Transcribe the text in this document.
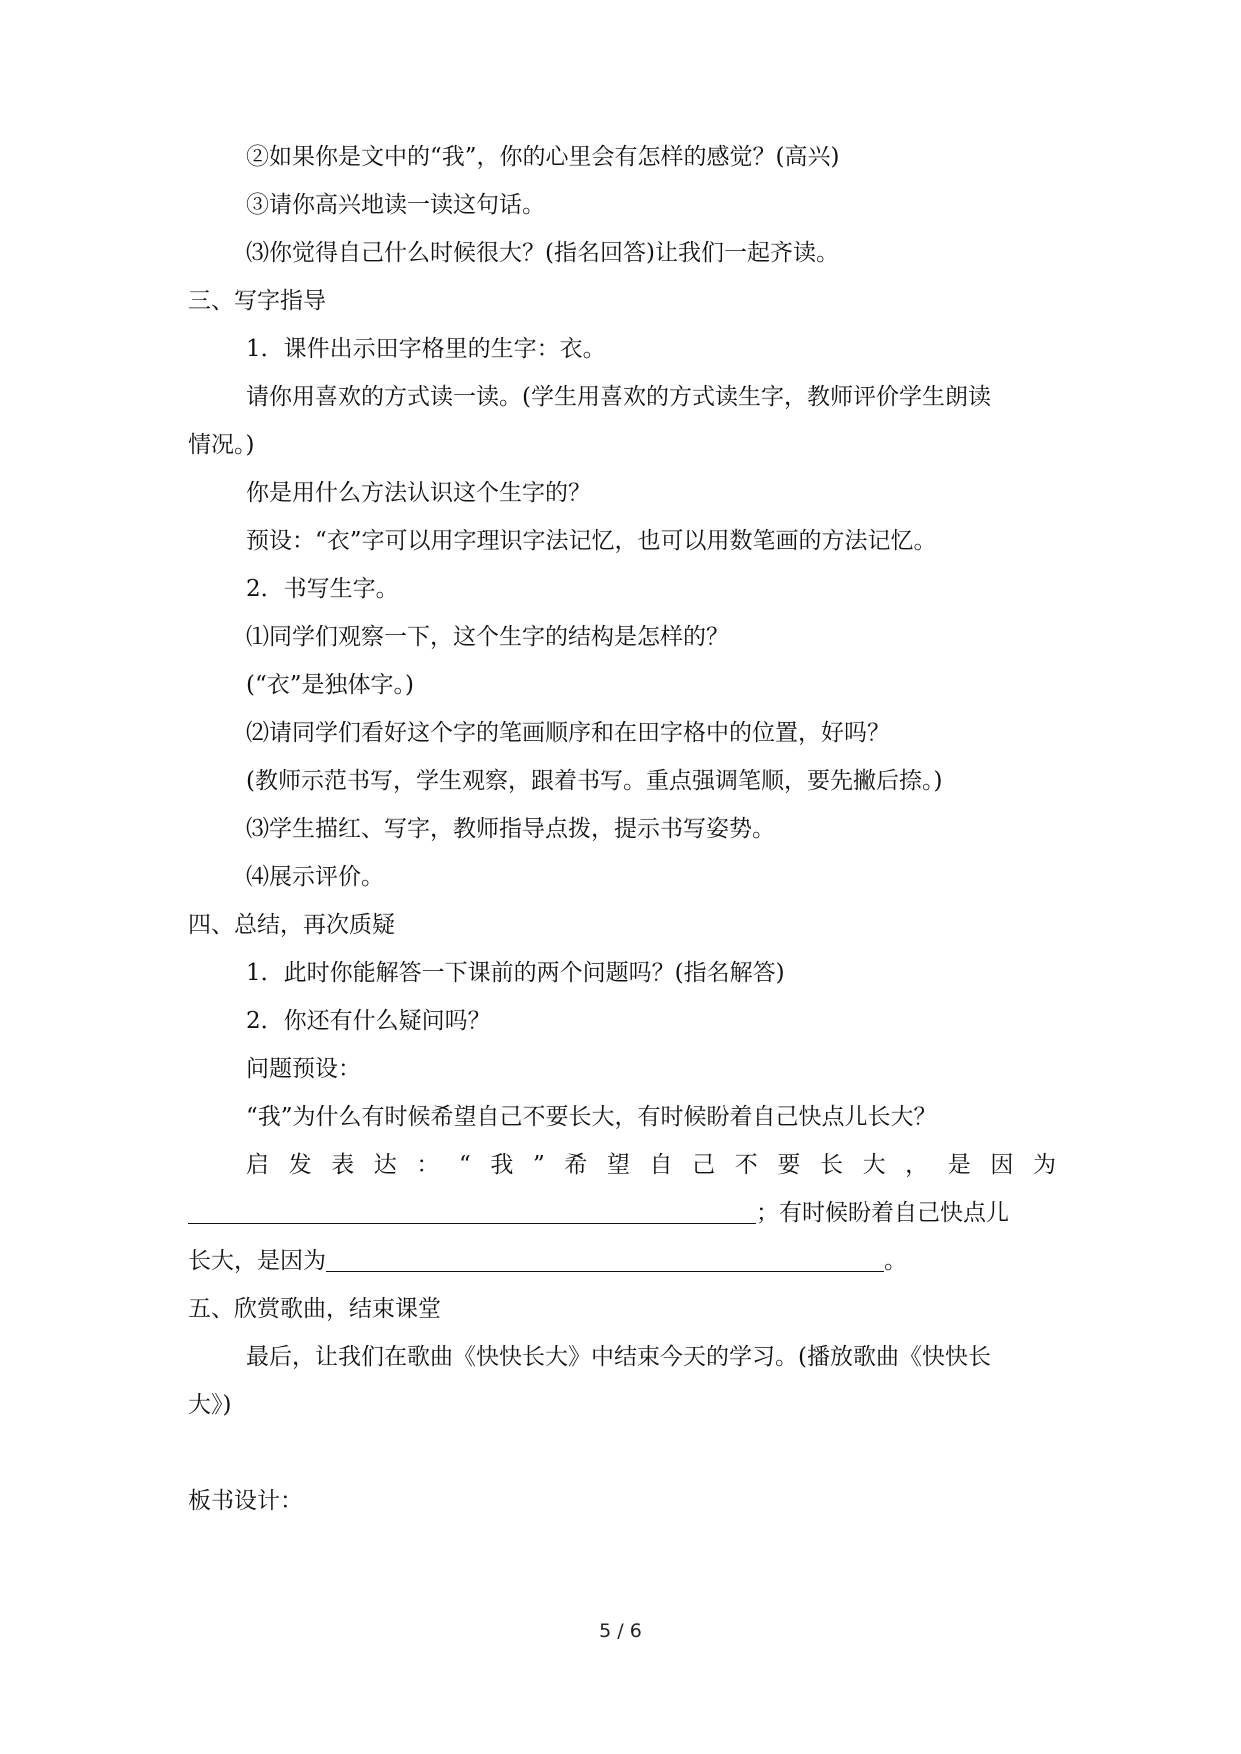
②如果你是文中的“我”，你的心里会有怎样的感觉？(高兴)
③请你高兴地读一读这句话。
⑶你觉得自己什么时候很大？(指名回答)让我们一起齐读。
三、写字指导
1．课件出示田字格里的生字：衣。
请你用喜欢的方式读一读。(学生用喜欢的方式读生字，教师评价学生朗读
情况。)
你是用什么方法认识这个生字的？
预设：“衣”字可以用字理识字法记忆，也可以用数笔画的方法记忆。
2．书写生字。
⑴同学们观察一下，这个生字的结构是怎样的？
(“衣”是独体字。)
⑵请同学们看好这个字的笔画顺序和在田字格中的位置，好吗？
(教师示范书写，学生观察，跟着书写。重点强调笔顺，要先撇后捺。)
⑶学生描红、写字，教师指导点拨，提示书写姿势。
⑷展示评价。
四、总结，再次质疑
1．此时你能解答一下课前的两个问题吗？(指名解答)
2．你还有什么疑问吗？
问题预设：
“我”为什么有时候希望自己不要长大，有时候盼着自己快点儿长大？
启发表达：“我”希望自己不要长大，是因为
；有时候盼着自己快点儿
长大，是因为	。
五、欣赏歌曲，结束课堂
最后，让我们在歌曲《快快长大》中结束今天的学习。(播放歌曲《快快长
大》)
板书设计：
5 / 6
